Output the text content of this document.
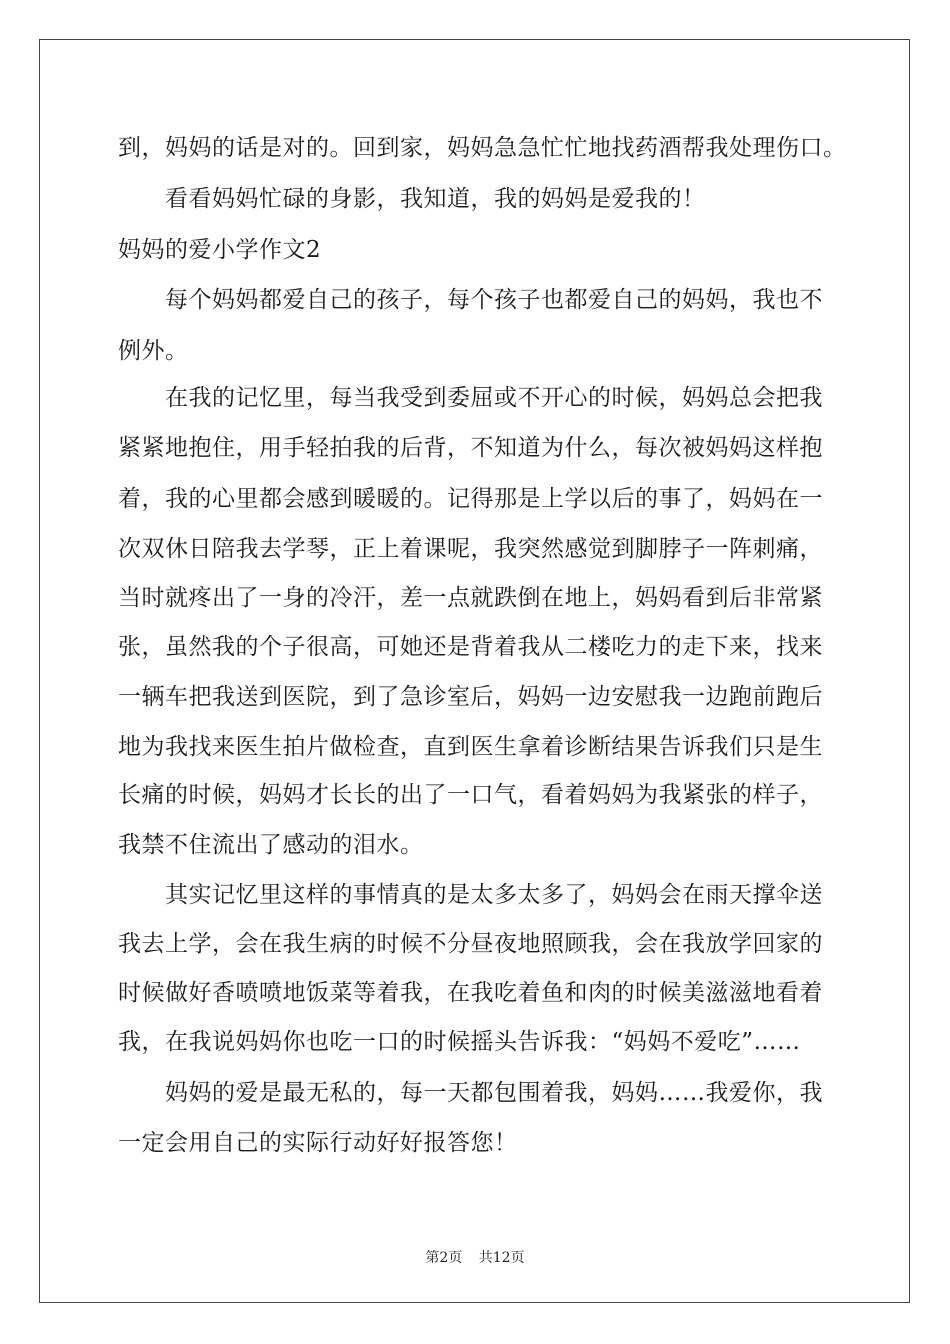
到，妈妈的话是对的。回到家，妈妈急急忙忙地找药酒帮我处理伤口。
看看妈妈忙碌的身影，我知道，我的妈妈是爱我的！
妈妈的爱小学作文2
每个妈妈都爱自己的孩子，每个孩子也都爱自己的妈妈，我也不
例外。
在我的记忆里，每当我受到委屈或不开心的时候，妈妈总会把我
紧紧地抱住，用手轻拍我的后背，不知道为什么，每次被妈妈这样抱
着，我的心里都会感到暖暖的。记得那是上学以后的事了，妈妈在一
次双休日陪我去学琴，正上着课呢，我突然感觉到脚脖子一阵刺痛，
当时就疼出了一身的冷汗，差一点就跌倒在地上，妈妈看到后非常紧
张，虽然我的个子很高，可她还是背着我从二楼吃力的走下来，找来
一辆车把我送到医院，到了急诊室后，妈妈一边安慰我一边跑前跑后
地为我找来医生拍片做检查，直到医生拿着诊断结果告诉我们只是生
长痛的时候，妈妈才长长的出了一口气，看着妈妈为我紧张的样子，
我禁不住流出了感动的泪水。
其实记忆里这样的事情真的是太多太多了，妈妈会在雨天撑伞送
我去上学，会在我生病的时候不分昼夜地照顾我，会在我放学回家的
时候做好香喷喷地饭菜等着我，在我吃着鱼和肉的时候美滋滋地看着
我，在我说妈妈你也吃一口的时候摇头告诉我：“妈妈不爱吃”……
妈妈的爱是最无私的，每一天都包围着我，妈妈……我爱你，我
一定会用自己的实际行动好好报答您！
第2页 共12页
